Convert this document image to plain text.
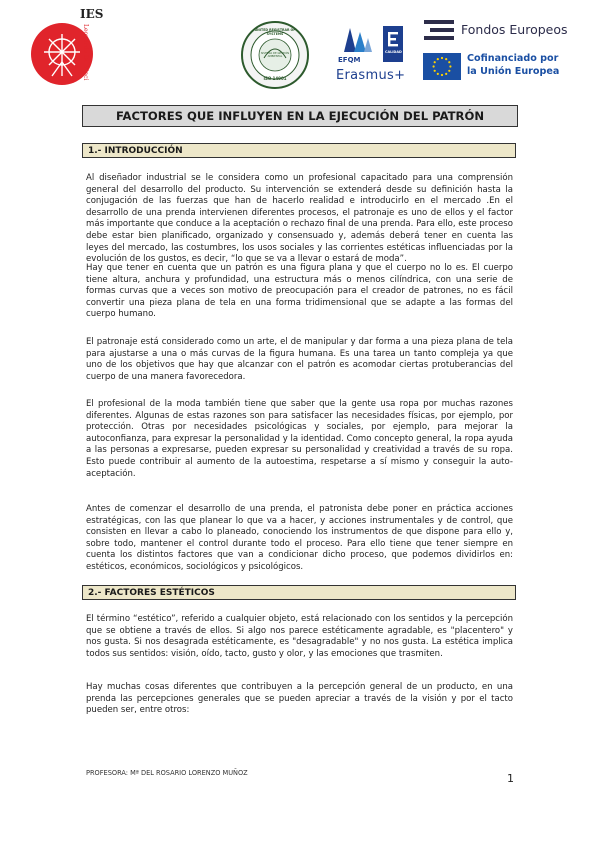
IES
Leonardo Da Vinci	UNITED REGISTRAR OF SYSTEMS
SISTEMA DE GESTIÓN AMBIENTAL
ISO 14001
EFQM
CALIDAD
Erasmus+
Fondos Europeos
Cofinanciado por
la Unión Europea
FACTORES QUE INFLUYEN EN LA EJECUCIÓN DEL PATRÓN
1.- INTRODUCCIÓN

Al diseñador industrial se le considera como un profesional capacitado para una comprensión general del desarrollo del producto. Su intervención se extenderá desde su definición hasta la conjugación de las fuerzas que han de hacerlo realidad e introducirlo en el mercado .En el desarrollo de una prenda intervienen diferentes procesos, el patronaje es uno de ellos y el factor más importante que conduce a la aceptación o rechazo final de una prenda. Para ello, este proceso debe estar bien planificado, organizado y consensuado y, además deberá tener en cuenta las leyes del mercado, las costumbres, los usos sociales y las corrientes estéticas influenciadas por la evolución de los gustos, es decir, “lo que se va a llevar o estará de moda”.

Hay que tener en cuenta que un patrón es una figura plana y que el cuerpo no lo es. El cuerpo tiene altura, anchura y profundidad, una estructura más o menos cilíndrica, con una serie de formas curvas que a veces son motivo de preocupación para el creador de patrones, no es fácil convertir una pieza plana de tela en una forma tridimensional que se adapte a las formas del cuerpo humano.

El patronaje está considerado como un arte, el de manipular y dar forma a una pieza plana de tela para ajustarse a una o más curvas de la figura humana. Es una tarea un tanto compleja ya que uno de los objetivos que hay que alcanzar con el patrón es acomodar ciertas protuberancias del cuerpo de una manera favorecedora.

El profesional de la moda también tiene que saber que la gente usa ropa por muchas razones diferentes. Algunas de estas razones son para satisfacer las necesidades físicas, por ejemplo, por protección. Otras por necesidades psicológicas y sociales, por ejemplo, para mejorar la autoconfianza, para expresar la personalidad y la identidad. Como concepto general, la ropa ayuda a las personas a expresarse, pueden expresar su personalidad y creatividad a través de su ropa. Esto puede contribuir al aumento de la autoestima, respetarse a sí mismo y conseguir la auto-aceptación.

Antes de comenzar el desarrollo de una prenda, el patronista debe poner en práctica acciones estratégicas, con las que planear lo que va a hacer, y acciones instrumentales y de control, que consisten en llevar a cabo lo planeado, conociendo los instrumentos de que dispone para ello y, sobre todo, mantener el control durante todo el proceso. Para ello tiene que tener siempre en cuenta los distintos factores que van a condicionar dicho proceso, que podemos dividirlos en: estéticos, económicos, sociológicos y psicológicos.

2.- FACTORES ESTÉTICOS

El término “estético”, referido a cualquier objeto, está relacionado con los sentidos y la percepción que se obtiene a través de ellos. Si algo nos parece estéticamente agradable, es "placentero" y nos gusta. Si nos desagrada estéticamente, es "desagradable" y no nos gusta. La estética implica todos sus sentidos: visión, oído, tacto, gusto y olor, y las emociones que trasmiten.

Hay muchas cosas diferentes que contribuyen a la percepción general de un producto, en una prenda las percepciones generales que se pueden apreciar a través de la visión y por el tacto pueden ser, entre otros:

PROFESORA: Mª DEL ROSARIO LORENZO MUÑOZ	1
